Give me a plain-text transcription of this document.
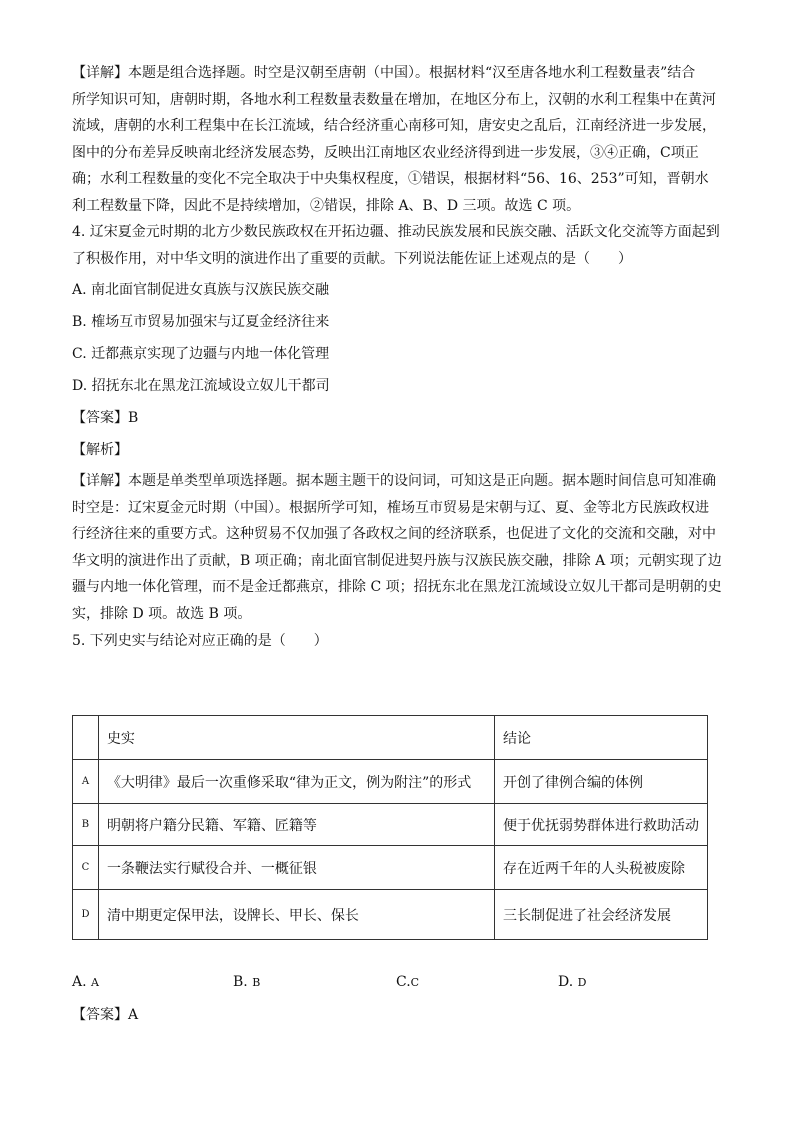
【详解】本题是组合选择题。时空是汉朝至唐朝（中国）。根据材料“汉至唐各地水利工程数量表”结合
所学知识可知，唐朝时期，各地水利工程数量表数量在增加，在地区分布上，汉朝的水利工程集中在黄河
流域，唐朝的水利工程集中在长江流域，结合经济重心南移可知，唐安史之乱后，江南经济进一步发展，
图中的分布差异反映南北经济发展态势，反映出江南地区农业经济得到进一步发展，③④正确，C项正
确；水利工程数量的变化不完全取决于中央集权程度，①错误，根据材料“56、16、253”可知，晋朝水
利工程数量下降，因此不是持续增加，②错误，排除 A、B、D 三项。故选 C 项。
4. 辽宋夏金元时期的北方少数民族政权在开拓边疆、推动民族发展和民族交融、活跃文化交流等方面起到
了积极作用，对中华文明的演进作出了重要的贡献。下列说法能佐证上述观点的是（　　）

A. 南北面官制促进女真族与汉族民族交融

B. 榷场互市贸易加强宋与辽夏金经济往来

C. 迁都燕京实现了边疆与内地一体化管理

D. 招抚东北在黑龙江流域设立奴儿干都司

【答案】B

【解析】

【详解】本题是单类型单项选择题。据本题主题干的设问词，可知这是正向题。据本题时间信息可知准确
时空是：辽宋夏金元时期（中国）。根据所学可知，榷场互市贸易是宋朝与辽、夏、金等北方民族政权进
行经济往来的重要方式。这种贸易不仅加强了各政权之间的经济联系，也促进了文化的交流和交融，对中
华文明的演进作出了贡献，B 项正确；南北面官制促进契丹族与汉族民族交融，排除 A 项；元朝实现了边
疆与内地一体化管理，而不是金迁都燕京，排除 C 项；招抚东北在黑龙江流域设立奴儿干都司是明朝的史
实，排除 D 项。故选 B 项。

5. 下列史实与结论对应正确的是（　　）

	史实	结论
A	《大明律》最后一次重修采取“律为正文，例为附注”的形式	开创了律例合编的体例
B	明朝将户籍分民籍、军籍、匠籍等	便于优抚弱势群体进行救助活动
C	一条鞭法实行赋役合并、一概征银	存在近两千年的人头税被废除
D	清中期更定保甲法，设牌长、甲长、保长	三长制促进了社会经济发展
A. A	B. B	C.C	D. D
【答案】A
